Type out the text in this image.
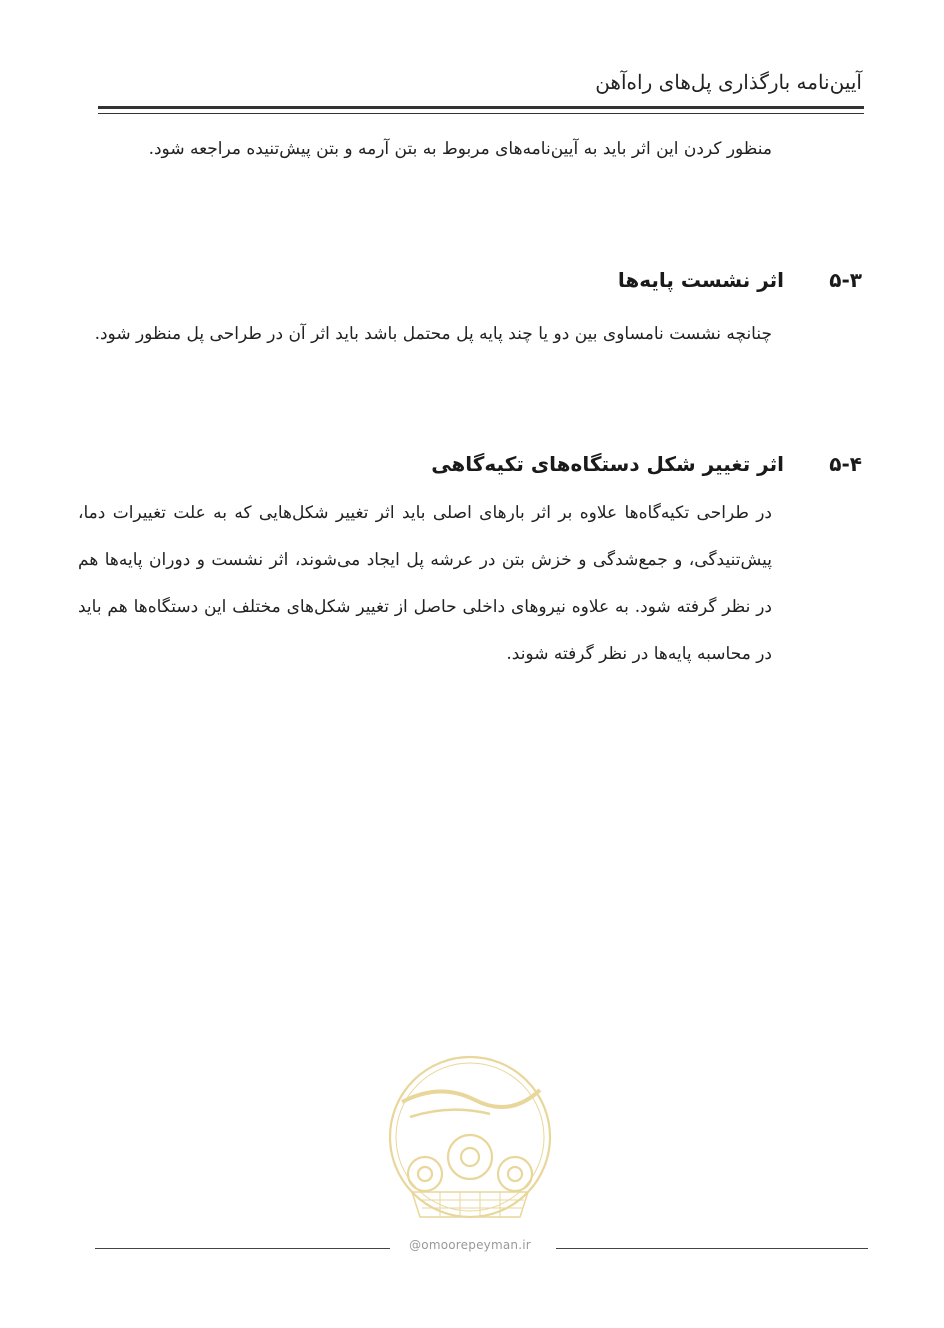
آیین‌نامه بارگذاری پل‌های راه‌آهن

منظور کردن این اثر باید به آیین‌نامه‌های مربوط به بتن آرمه و بتن پیش‌تنیده مراجعه شود.

۵-۳اثر نشست پایه‌ها

چنانچه نشست نامساوی بین دو یا چند پایه پل محتمل باشد باید اثر آن در طراحی پل منظور شود.

۵-۴اثر تغییر شکل دستگاه‌های تکیه‌گاهی

در طراحی تکیه‌گاه‌ها علاوه بر اثر بارهای اصلی باید اثر تغییر شکل‌هایی که به علت تغییرات دما، پیش‌تنیدگی، و جمع‌شدگی و خزش بتن در عرشه پل ایجاد می‌شوند، اثر نشست و دوران پایه‌ها هم در نظر گرفته شود. به علاوه نیروهای داخلی حاصل از تغییر شکل‌های مختلف این دستگاه‌ها هم باید در محاسبه پایه‌ها در نظر گرفته شوند.

@omoorepeyman.ir
